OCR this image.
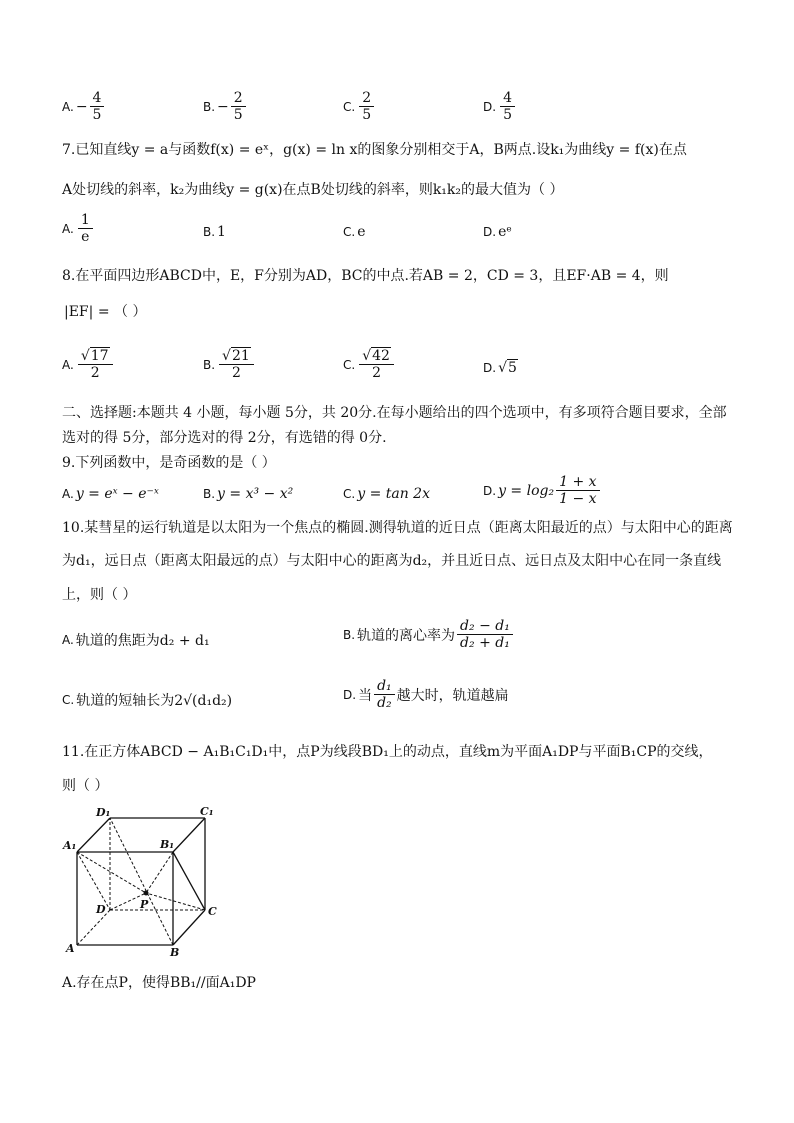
A. − $\frac{4}{5}$	B. − $\frac{2}{5}$	C. $\frac{2}{5}$	D. $\frac{4}{5}$
7.已知直线y = a与函数f(x) = eˣ，g(x) = ln x的图象分别相交于A，B两点.设k₁为曲线y = f(x)在点
A处切线的斜率，k₂为曲线y = g(x)在点B处切线的斜率，则k₁k₂的最大值为（ ）
A. $\frac{1}{e}$	B. 1	C. e	D. eᵉ
8.在平面四边形ABCD中，E，F分别为AD，BC的中点.若AB = 2，CD = 3，且EF·AB = 4，则
|EF| = （ ）
A. $\frac{√17}{2}$	B. $\frac{√21}{2}$	C. $\frac{√42}{2}$	D. √5
二、选择题:本题共 4 小题，每小题 5分，共 20分.在每小题给出的四个选项中，有多项符合题目要求，全部
选对的得 5分，部分选对的得 2分，有选错的得 0分.
9.下列函数中，是奇函数的是（ ）
A. y = eˣ − e⁻ˣ	B. y = x³ − x²	C. y = tan 2x	D. $y = \log_2 \frac{1 + x}{1 - x}$
10.某彗星的运行轨道是以太阳为一个焦点的椭圆.测得轨道的近日点（距离太阳最近的点）与太阳中心的距离
为d₁，远日点（距离太阳最远的点）与太阳中心的距离为d₂，并且近日点、远日点及太阳中心在同一条直线
上，则（ ）
A. 轨道的焦距为d₂ + d₁	B. 轨道的离心率为 $\frac{\text{d₂ − d₁}}{\text{d₂ + d₁}}$
C. 轨道的短轴长为2√(d₁d₂)	D. 当 $\frac{\text{d₁}}{\text{d₂}}$ 越大时，轨道越扁
11.在正方体ABCD − A₁B₁C₁D₁中，点P为线段BD₁上的动点，直线m为平面A₁DP与平面B₁CP的交线，
则（ ）
D₁	C₁
A₁	B₁
D	C
P
A	B
A.存在点P，使得BB₁//面A₁DP
